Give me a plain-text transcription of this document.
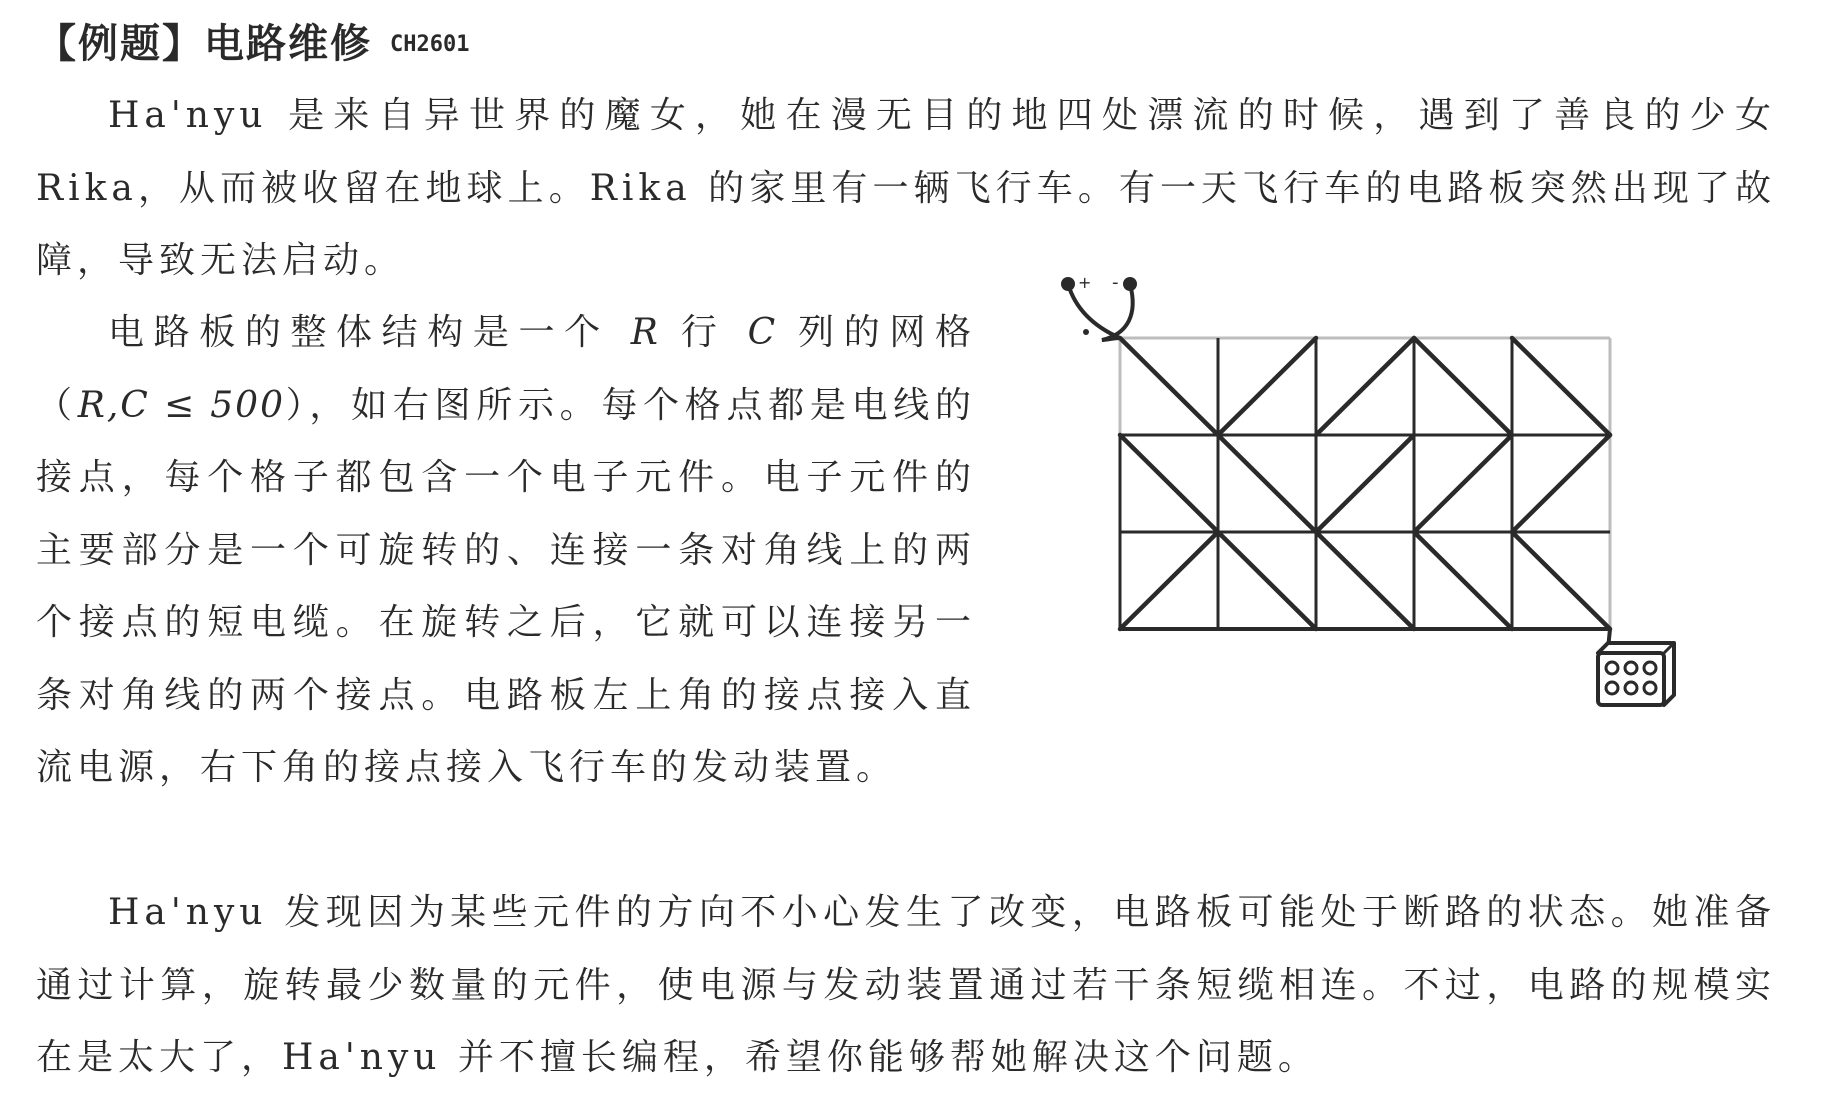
【例题】电路维修 CH2601

Ha'nyu 是来自异世界的魔女，她在漫无目的地四处漂流的时候，遇到了善良的少女 Rika，从而被收留在地球上。Rika 的家里有一辆飞行车。有一天飞行车的电路板突然出现了故障，导致无法启动。

电路板的整体结构是一个 R 行 C 列的网格（R,C ≤ 500），如右图所示。每个格点都是电线的接点，每个格子都包含一个电子元件。电子元件的主要部分是一个可旋转的、连接一条对角线上的两个接点的短电缆。在旋转之后，它就可以连接另一条对角线的两个接点。电路板左上角的接点接入直流电源，右下角的接点接入飞行车的发动装置。

Ha'nyu 发现因为某些元件的方向不小心发生了改变，电路板可能处于断路的状态。她准备通过计算，旋转最少数量的元件，使电源与发动装置通过若干条短缆相连。不过，电路的规模实在是太大了，Ha'nyu 并不擅长编程，希望你能够帮她解决这个问题。

+ -
